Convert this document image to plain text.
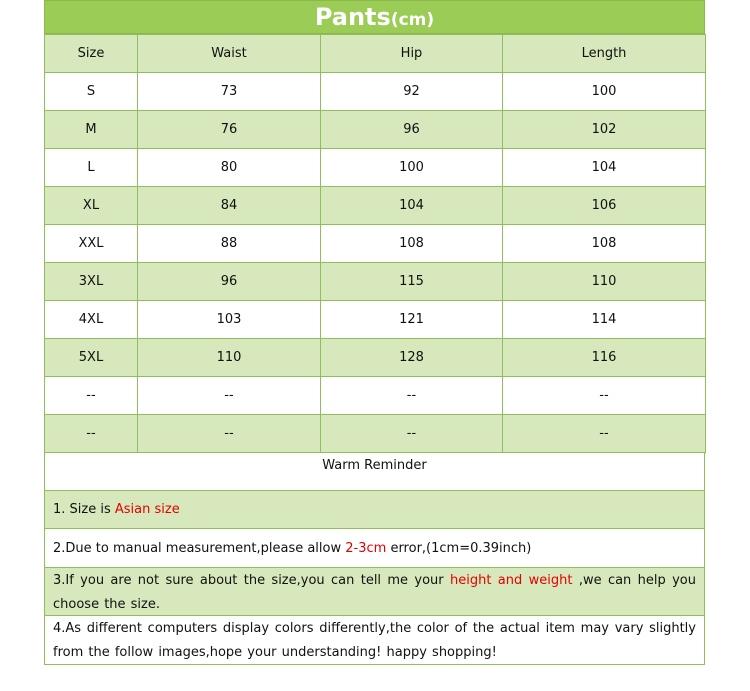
Pants(cm)
Size	Waist	Hip	Length
S	73	92	100
M	76	96	102
L	80	100	104
XL	84	104	106
XXL	88	108	108
3XL	96	115	110
4XL	103	121	114
5XL	110	128	116
--	--	--	--
--	--	--	--
Warm Reminder
1. Size is Asian size
2.Due to manual measurement,please allow 2-3cm error,(1cm=0.39inch)
3.If you are not sure about the size,you can tell me your height and weight ,we can help you choose the size.
4.As different computers display colors differently,the color of the actual item may vary slightly from the follow images,hope your understanding! happy shopping!
